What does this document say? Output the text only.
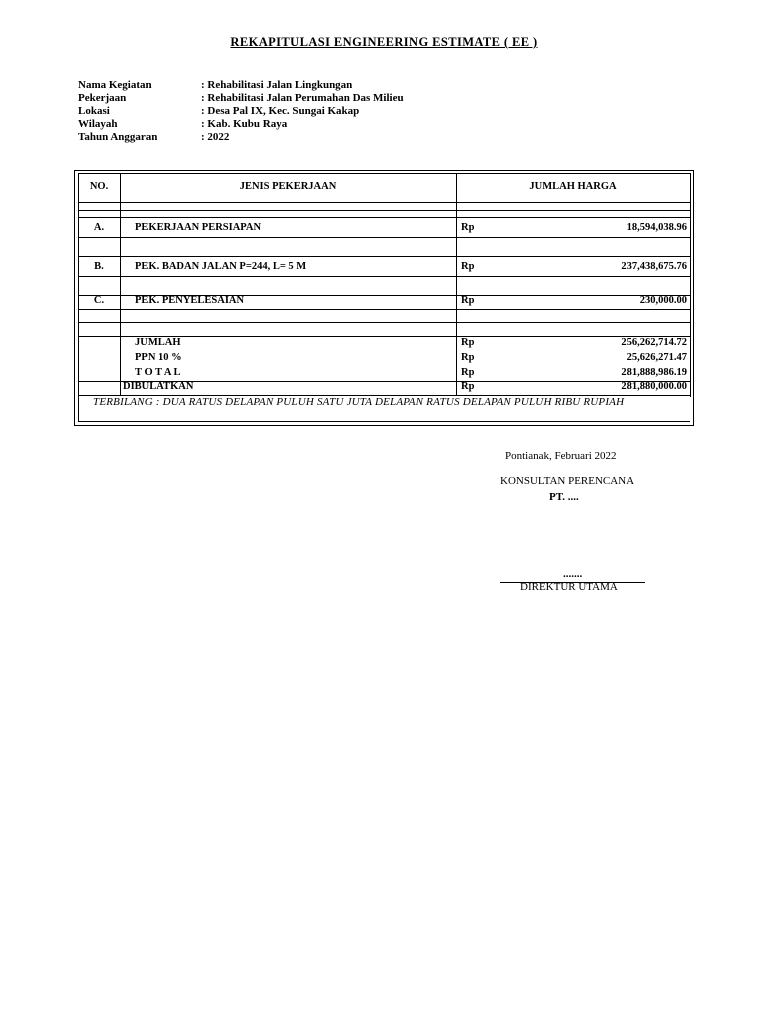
REKAPITULASI ENGINEERING ESTIMATE ( EE )
Nama Kegiatan	: Rehabilitasi Jalan Lingkungan
Pekerjaan	: Rehabilitasi Jalan Perumahan Das Milieu
Lokasi	: Desa Pal IX, Kec. Sungai Kakap
Wilayah	: Kab. Kubu Raya
Tahun Anggaran	: 2022
NO.	JENIS PEKERJAAN	JUMLAH HARGA
A.	PEKERJAAN PERSIAPAN	Rp	18,594,038.96
B.	PEK. BADAN JALAN P=244, L= 5 M	Rp	237,438,675.76
C.	PEK. PENYELESAIAN	Rp	230,000.00
JUMLAH	Rp	256,262,714.72
PPN 10 %	Rp	25,626,271.47
T O T A L	Rp	281,888,986.19
DIBULATKAN	Rp	281,880,000.00
TERBILANG : DUA RATUS DELAPAN PULUH SATU JUTA DELAPAN RATUS DELAPAN PULUH RIBU RUPIAH
Pontianak, Februari 2022
KONSULTAN PERENCANA
PT. ....
.......
DIREKTUR UTAMA
